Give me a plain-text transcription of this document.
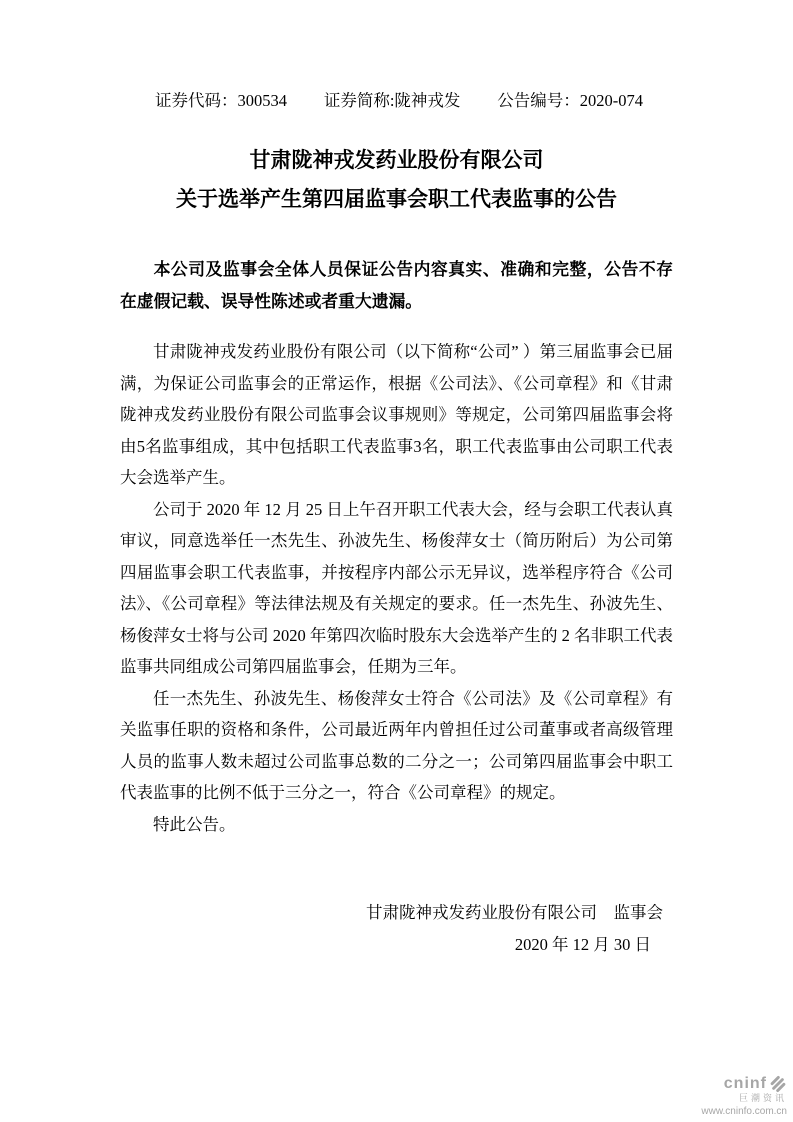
证券代码：300534 证券简称:陇神戎发 公告编号：2020-074
甘肃陇神戎发药业股份有限公司
关于选举产生第四届监事会职工代表监事的公告
本公司及监事会全体人员保证公告内容真实、准确和完整，公告不存在虚假记载、误导性陈述或者重大遗漏。

甘肃陇神戎发药业股份有限公司（以下简称“公司” ）第三届监事会已届满，为保证公司监事会的正常运作，根据《公司法》、《公司章程》和《甘肃陇神戎发药业股份有限公司监事会议事规则》等规定，公司第四届监事会将由5名监事组成，其中包括职工代表监事3名，职工代表监事由公司职工代表大会选举产生。

公司于 2020 年 12 月 25 日上午召开职工代表大会，经与会职工代表认真审议，同意选举任一杰先生、孙波先生、杨俊萍女士（简历附后）为公司第四届监事会职工代表监事，并按程序内部公示无异议，选举程序符合《公司法》、《公司章程》等法律法规及有关规定的要求。任一杰先生、孙波先生、杨俊萍女士将与公司 2020 年第四次临时股东大会选举产生的 2 名非职工代表监事共同组成公司第四届监事会，任期为三年。

任一杰先生、孙波先生、杨俊萍女士符合《公司法》及《公司章程》有关监事任职的资格和条件，公司最近两年内曾担任过公司董事或者高级管理人员的监事人数未超过公司监事总数的二分之一；公司第四届监事会中职工代表监事的比例不低于三分之一，符合《公司章程》的规定。

特此公告。

甘肃陇神戎发药业股份有限公司　监事会
2020 年 12 月 30 日
cninf
巨潮资讯
www.cninfo.com.cn
